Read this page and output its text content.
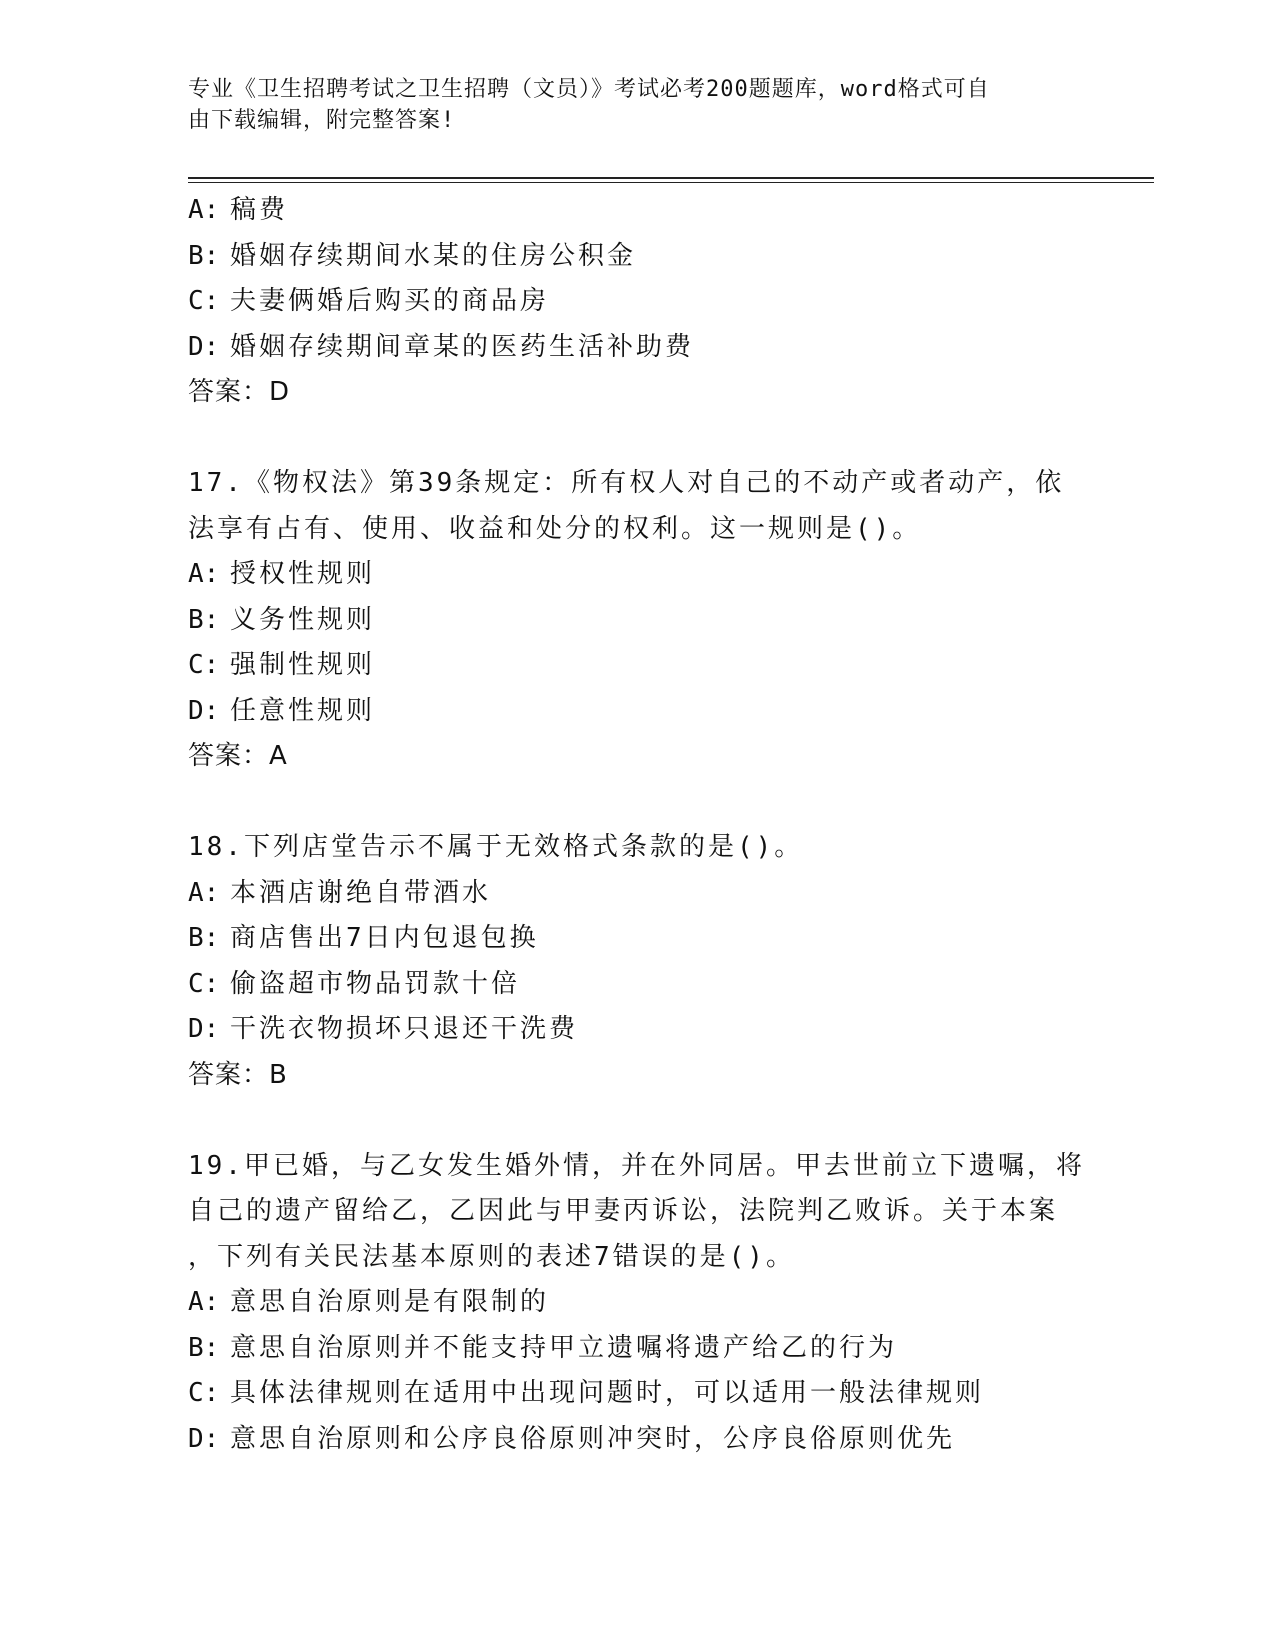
专业《卫生招聘考试之卫生招聘（文员）》考试必考200题题库，word格式可自
由下载编辑，附完整答案!
A: 稿费
B: 婚姻存续期间水某的住房公积金
C: 夫妻俩婚后购买的商品房
D: 婚姻存续期间章某的医药生活补助费
答案：D
17.《物权法》第39条规定：所有权人对自己的不动产或者动产，依
法享有占有、使用、收益和处分的权利。这一规则是()。
A: 授权性规则
B: 义务性规则
C: 强制性规则
D: 任意性规则
答案：A
18.下列店堂告示不属于无效格式条款的是()。
A: 本酒店谢绝自带酒水
B: 商店售出7日内包退包换
C: 偷盗超市物品罚款十倍
D: 干洗衣物损坏只退还干洗费
答案：B
19.甲已婚，与乙女发生婚外情，并在外同居。甲去世前立下遗嘱，将
自己的遗产留给乙，乙因此与甲妻丙诉讼，法院判乙败诉。关于本案
，下列有关民法基本原则的表述7错误的是()。
A: 意思自治原则是有限制的
B: 意思自治原则并不能支持甲立遗嘱将遗产给乙的行为
C: 具体法律规则在适用中出现问题时，可以适用一般法律规则
D: 意思自治原则和公序良俗原则冲突时，公序良俗原则优先
